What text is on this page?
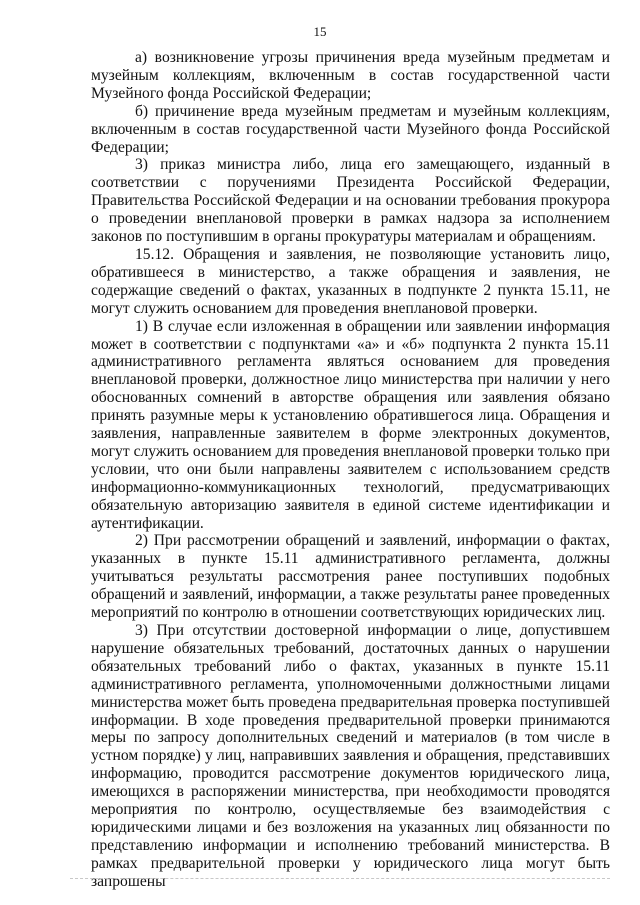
15

а) возникновение угрозы причинения вреда музейным предметам и музейным коллекциям, включенным в состав государственной части Музейного фонда Российской Федерации;

б) причинение вреда музейным предметам и музейным коллекциям, включенным в состав государственной части Музейного фонда Российской Федерации;

3) приказ министра либо, лица его замещающего, изданный в соответствии с поручениями Президента Российской Федерации, Правительства Российской Федерации и на основании требования прокурора о проведении внеплановой проверки в рамках надзора за исполнением законов по поступившим в органы прокуратуры материалам и обращениям.

15.12. Обращения и заявления, не позволяющие установить лицо, обратившееся в министерство, а также обращения и заявления, не содержащие сведений о фактах, указанных в подпункте 2 пункта 15.11, не могут служить основанием для проведения внеплановой проверки.

1) В случае если изложенная в обращении или заявлении информация может в соответствии с подпунктами «а» и «б» подпункта 2 пункта 15.11 административного регламента являться основанием для проведения внеплановой проверки, должностное лицо министерства при наличии у него обоснованных сомнений в авторстве обращения или заявления обязано принять разумные меры к установлению обратившегося лица. Обращения и заявления, направленные заявителем в форме электронных документов, могут служить основанием для проведения внеплановой проверки только при условии, что они были направлены заявителем с использованием средств информационно-коммуникационных технологий, предусматривающих обязательную авторизацию заявителя в единой системе идентификации и аутентификации.

2) При рассмотрении обращений и заявлений, информации о фактах, указанных в пункте 15.11 административного регламента, должны учитываться результаты рассмотрения ранее поступивших подобных обращений и заявлений, информации, а также результаты ранее проведенных мероприятий по контролю в отношении соответствующих юридических лиц.

3) При отсутствии достоверной информации о лице, допустившем нарушение обязательных требований, достаточных данных о нарушении обязательных требований либо о фактах, указанных в пункте 15.11 административного регламента, уполномоченными должностными лицами министерства может быть проведена предварительная проверка поступившей информации. В ходе проведения предварительной проверки принимаются меры по запросу дополнительных сведений и материалов (в том числе в устном порядке) у лиц, направивших заявления и обращения, представивших информацию, проводится рассмотрение документов юридического лица, имеющихся в распоряжении министерства, при необходимости проводятся мероприятия по контролю, осуществляемые без взаимодействия с юридическими лицами и без возложения на указанных лиц обязанности по представлению информации и исполнению требований министерства. В рамках предварительной проверки у юридического лица могут быть запрошены
